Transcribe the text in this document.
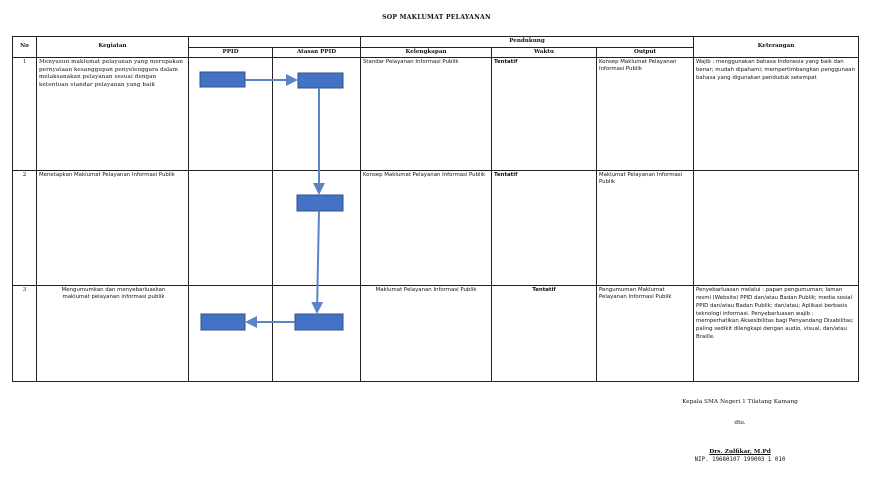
SOP MAKLUMAT PELAYANAN
No	Kegiatan			Pendukung			Keterangan
		PPID	Atasan PPID	Kelengkapan	Waktu	Output	
1	Menyusun maklumat pelayanan yang merupakan pernyataan kesanggupan penyelenggara dalam melaksanakan pelayanan sesuai dengan ketentuan standar pelayanan yang baik			Standar Pelayanan Informasi Publik	Tentatif	Konsep Maklumat Pelayanan Informasi Publik	Wajib : menggunakan bahasa Indonesia yang baik dan benar; mudah dipahami; mempertimbangkan penggunaan bahasa yang digunakan penduduk setempat
2	Menetapkan Maklumat Pelayanan Informasi Publik			Konsep Maklumat Pelayanan Informasi Publik	Tentatif	Maklumat Pelayanan Informasi Publik	
3	Mengumumkan dan menyebarluaskan maklumat pelayanan informasi publik			Maklumat Pelayanan Informasi Publik	Tentatif	Pengumuman Maklumat Pelayanan Informasi Publik	Penyebarluasan melalui : papan pengumuman; laman resmi (Website) PPID dan/atau Badan Publik; media sosial PPID dan/atau Badan Publik; dan/atau; Aplikasi berbasis teknologi informasi. Penyebarluasan wajib : memperhatikan Aksesibilitas bagi Penyandang Disabilitas; paling sedikit dilengkapi dengan audio, visual, dan/atau Braille.
Kepala SMA Negeri 1 Tilatang Kamang
dto.
Drs. Zulfikar, M.Pd
NIP. 19680107 199003 1 010
